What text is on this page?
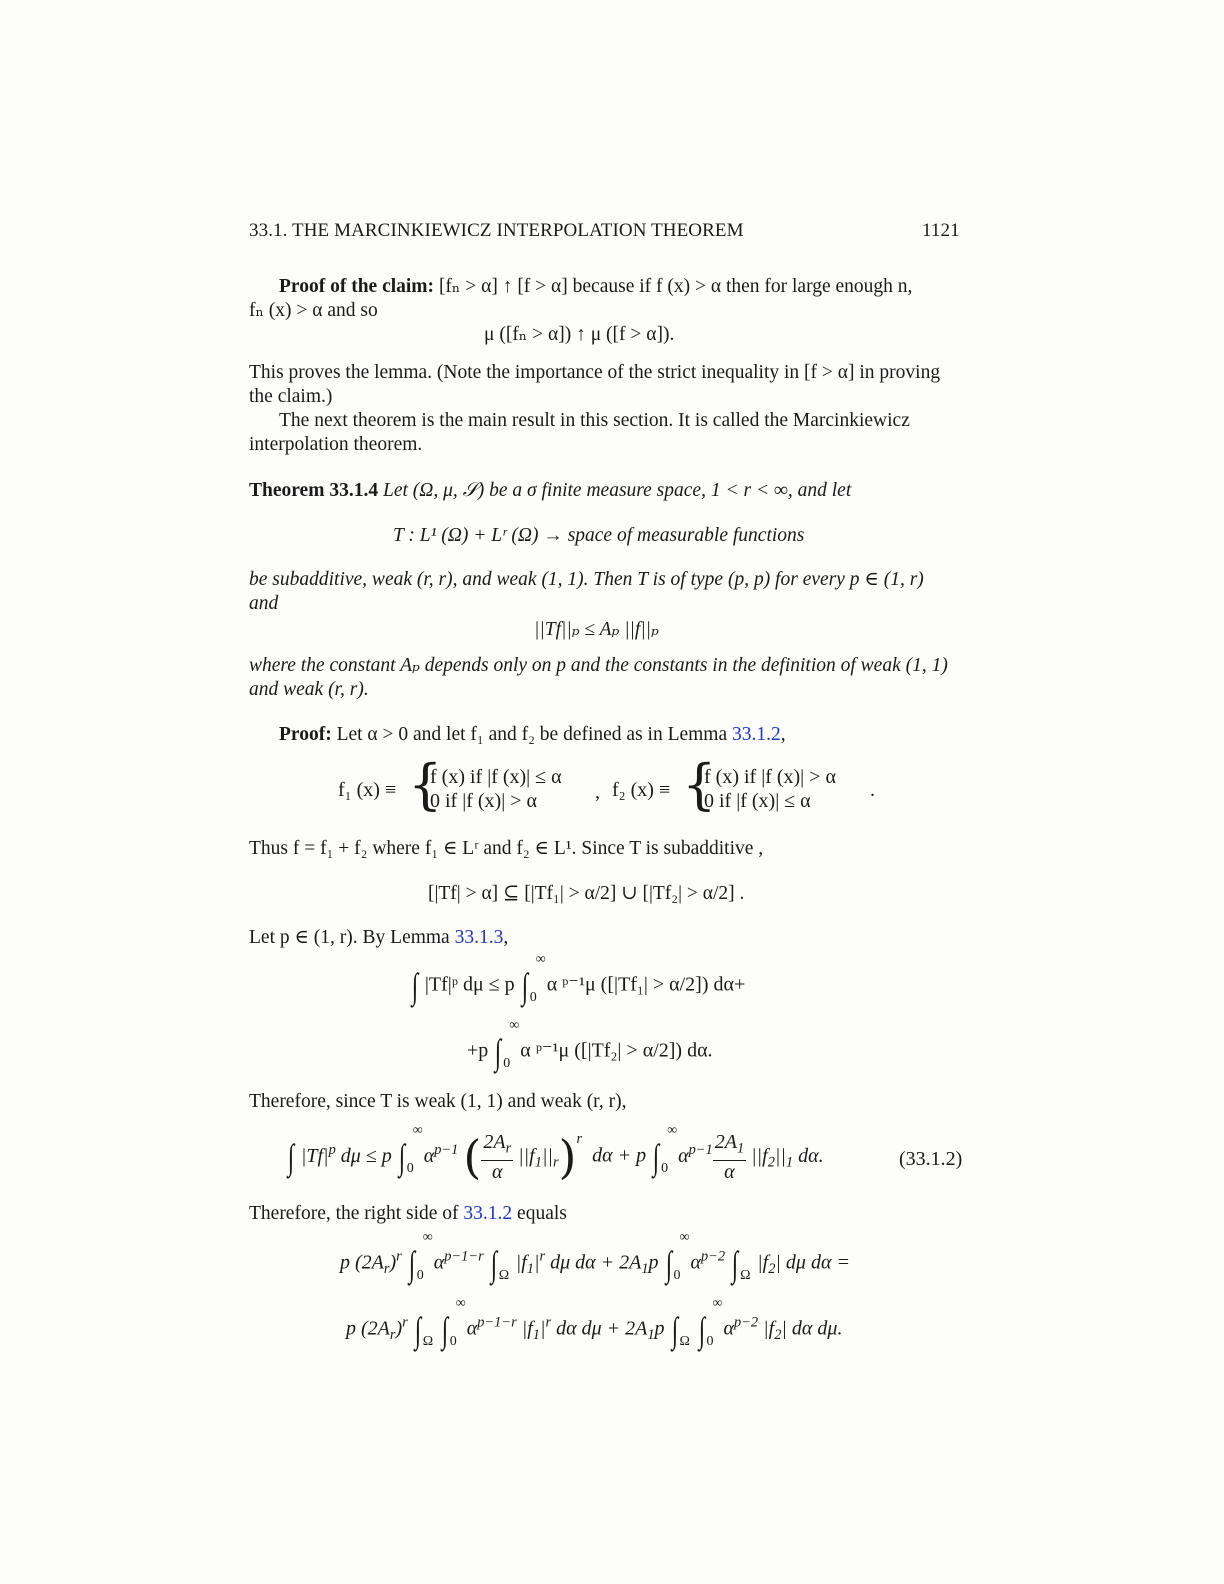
33.1. THE MARCINKIEWICZ INTERPOLATION THEOREM	1121
Proof of the claim: [fₙ > α] ↑ [f > α] because if f (x) > α then for large enough n,
fₙ (x) > α and so
μ ([fₙ > α]) ↑ μ ([f > α]).
This proves the lemma. (Note the importance of the strict inequality in [f > α] in proving
the claim.)
The next theorem is the main result in this section. It is called the Marcinkiewicz
interpolation theorem.
Theorem 33.1.4 Let (Ω, μ, 𝒮) be a σ finite measure space, 1 < r < ∞, and let
T : L¹ (Ω) + Lʳ (Ω) → space of measurable functions
be subadditive, weak (r, r), and weak (1, 1). Then T is of type (p, p) for every p ∈ (1, r)
and
||Tf||ₚ ≤ Aₚ ||f||ₚ
where the constant Aₚ depends only on p and the constants in the definition of weak (1, 1)
and weak (r, r).
Proof: Let α > 0 and let f₁ and f₂ be defined as in Lemma 33.1.2,
f₁ (x) ≡ {
f (x) if |f (x)| ≤ α
0 if |f (x)| > α	, f₂ (x) ≡ {
f (x) if |f (x)| > α
0 if |f (x)| ≤ α	.
Thus f = f₁ + f₂ where f₁ ∈ Lʳ and f₂ ∈ L¹. Since T is subadditive ,
[|Tf| > α] ⊆ [|Tf₁| > α/2] ∪ [|Tf₂| > α/2] .
Let p ∈ (1, r). By Lemma 33.1.3,
∫ |Tf|ᵖ dμ ≤ p ∫
∞
0
α ᵖ⁻¹μ ([|Tf₁| > α/2]) dα+
+p ∫
∞
0
α ᵖ⁻¹μ ([|Tf₂| > α/2]) dα.
Therefore, since T is weak (1, 1) and weak (r, r),
∫ $|Tf|^p$ dμ ≤ p ∫
∞
0
$\alpha^{p-1}$ ( $\frac{2A_r}{\alpha} ||f_1||_r)^r$  dα + p ∫
∞
0
$\alpha^{p-1} \frac{2A_1}{\alpha} ||f_2||_1$ dα.	(33.1.2)
Therefore, the right side of 33.1.2 equals
p $(2A_r)^r$ ∫
∞
0
$\alpha^{p-1-r}$ ∫ Ω
$|f_1|^r$ dμ $d\alpha + 2A_1p$ ∫
∞
0
$\alpha^{p-2}$ ∫ Ω
$|f_2|$ dμ dα =
p $(2A_r)^r$ ∫ Ω ∫
∞
0
$\alpha^{p-1-r}$ $|f_1|^r$ dα $d\mu + 2A_1p$ ∫ Ω ∫
∞
0
$\alpha^{p-2}$ $|f_2|$ dα dμ.
